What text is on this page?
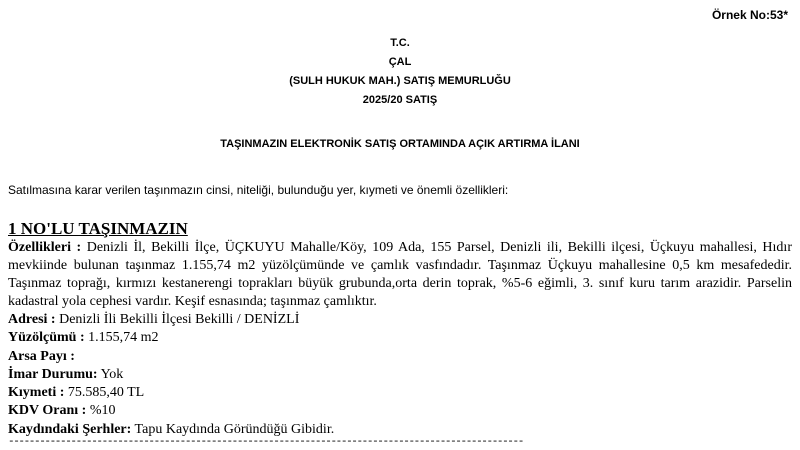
Örnek No:53*
T.C.
ÇAL
(SULH HUKUK MAH.) SATIŞ MEMURLUĞU
2025/20 SATIŞ
TAŞINMAZIN ELEKTRONİK SATIŞ ORTAMINDA AÇIK ARTIRMA İLANI
Satılmasına karar verilen taşınmazın cinsi, niteliği, bulunduğu yer, kıymeti ve önemli özellikleri:

1 NO'LU TAŞINMAZIN

Özellikleri : Denizli İl, Bekilli İlçe, ÜÇKUYU Mahalle/Köy, 109 Ada, 155 Parsel, Denizli ili, Bekilli ilçesi, Üçkuyu mahallesi, Hıdır mevkiinde bulunan taşınmaz 1.155,74 m2 yüzölçümünde ve çamlık vasfındadır. Taşınmaz Üçkuyu mahallesine 0,5 km mesafededir. Taşınmaz toprağı, kırmızı kestanerengi toprakları büyük grubunda,orta derin toprak, %5-6 eğimli, 3. sınıf kuru tarım arazidir. Parselin kadastral yola cephesi vardır. Keşif esnasında; taşınmaz çamlıktır.

Adresi : Denizli İli Bekilli İlçesi Bekilli / DENİZLİ

Yüzölçümü : 1.155,74 m2

Arsa Payı :

İmar Durumu: Yok

Kıymeti : 75.585,40 TL

KDV Oranı : %10

Kaydındaki Şerhler: Tapu Kaydında Göründüğü Gibidir.

---------------------------------------------------------------------------------------------------
